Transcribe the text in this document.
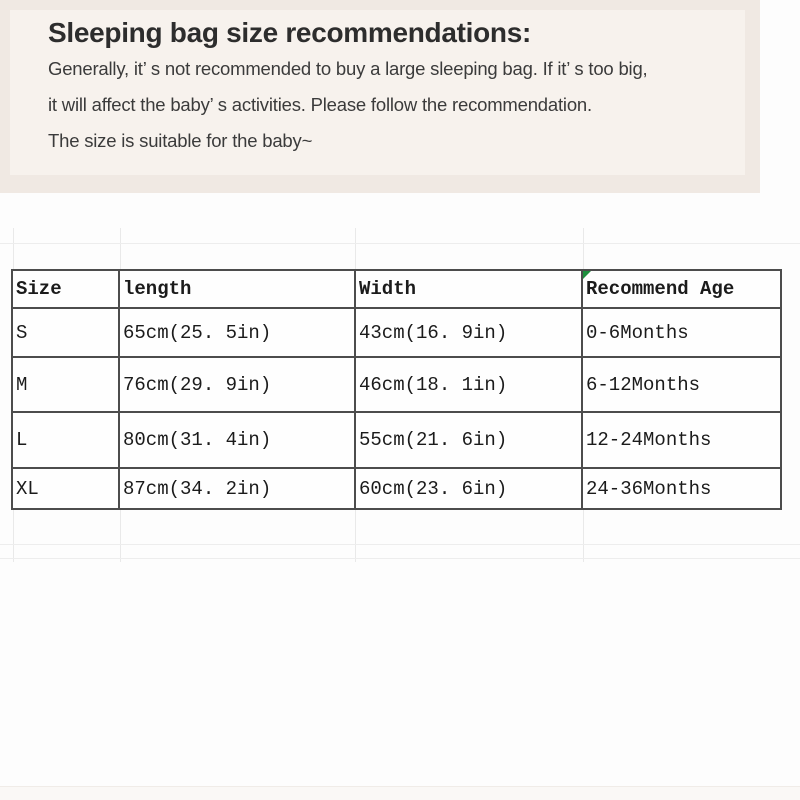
Sleeping bag size recommendations:

Generally, it’ s not recommended to buy a large sleeping bag. If it’ s too big,

it will affect the baby’ s activities. Please follow the recommendation.

The size is suitable for the baby~

Size	length	Width	Recommend Age
S	65cm(25. 5in)	43cm(16. 9in)	0-6Months
M	76cm(29. 9in)	46cm(18. 1in)	6-12Months
L	80cm(31. 4in)	55cm(21. 6in)	12-24Months
XL	87cm(34. 2in)	60cm(23. 6in)	24-36Months
